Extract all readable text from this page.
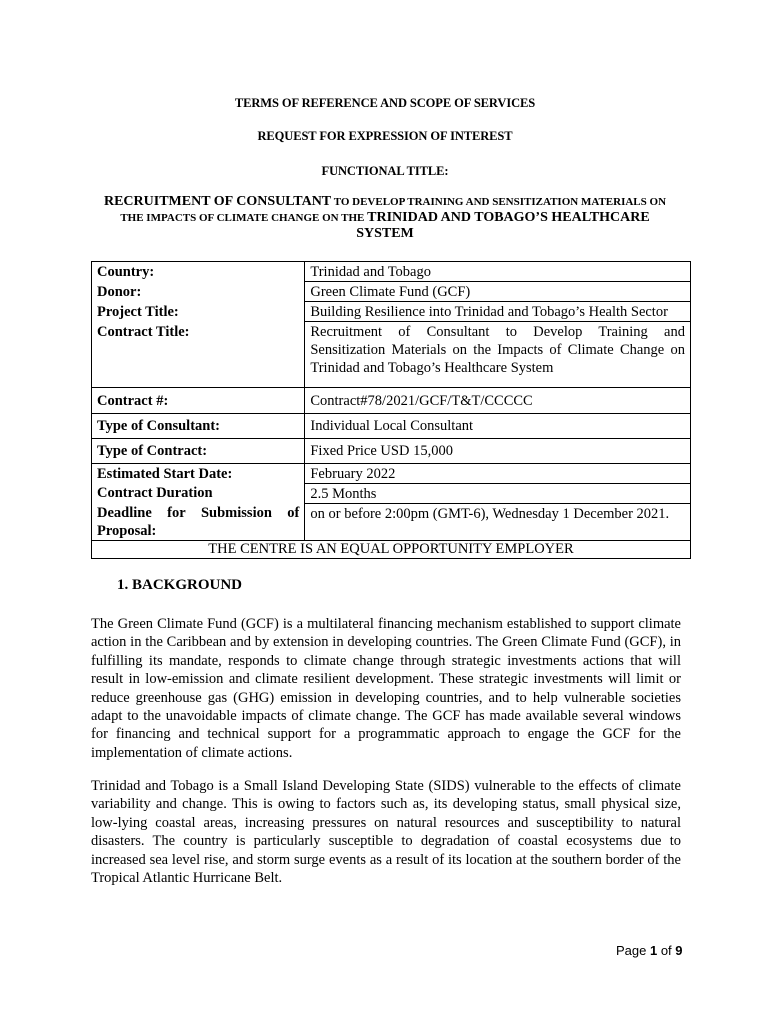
TERMS OF REFERENCE AND SCOPE OF SERVICES
REQUEST FOR EXPRESSION OF INTEREST
FUNCTIONAL TITLE:
RECRUITMENT OF CONSULTANT TO DEVELOP TRAINING AND SENSITIZATION MATERIALS ON
THE IMPACTS OF CLIMATE CHANGE ON THE TRINIDAD AND TOBAGO’S HEALTHCARE
SYSTEM
Country:	Trinidad and Tobago
Donor:	Green Climate Fund (GCF)
Project Title:	Building Resilience into Trinidad and Tobago’s Health Sector
Contract Title:	Recruitment of Consultant to Develop Training and Sensitization Materials on the Impacts of Climate Change on Trinidad and Tobago’s Healthcare System
Contract #:	Contract#78/2021/GCF/T&T/CCCCC
Type of Consultant:	Individual Local Consultant
Type of Contract:	Fixed Price USD 15,000
Estimated Start Date:	February 2022
Contract Duration	2.5 Months

Deadline for Submission of
Proposal:	on or before 2:00pm (GMT-6), Wednesday 1 December 2021.
THE CENTRE IS AN EQUAL OPPORTUNITY EMPLOYER	
1. BACKGROUND
The Green Climate Fund (GCF) is a multilateral financing mechanism established to support climate action in the Caribbean and by extension in developing countries. The Green Climate Fund (GCF), in fulfilling its mandate, responds to climate change through strategic investments actions that will result in low-emission and climate resilient development. These strategic investments will limit or reduce greenhouse gas (GHG) emission in developing countries, and to help vulnerable societies adapt to the unavoidable impacts of climate change. The GCF has made available several windows for financing and technical support for a programmatic approach to engage the GCF for the implementation of climate actions.
Trinidad and Tobago is a Small Island Developing State (SIDS) vulnerable to the effects of climate variability and change. This is owing to factors such as, its developing status, small physical size, low-lying coastal areas, increasing pressures on natural resources and susceptibility to natural disasters. The country is particularly susceptible to degradation of coastal ecosystems due to increased sea level rise, and storm surge events as a result of its location at the southern border of the Tropical Atlantic Hurricane Belt.
Page 1 of 9
